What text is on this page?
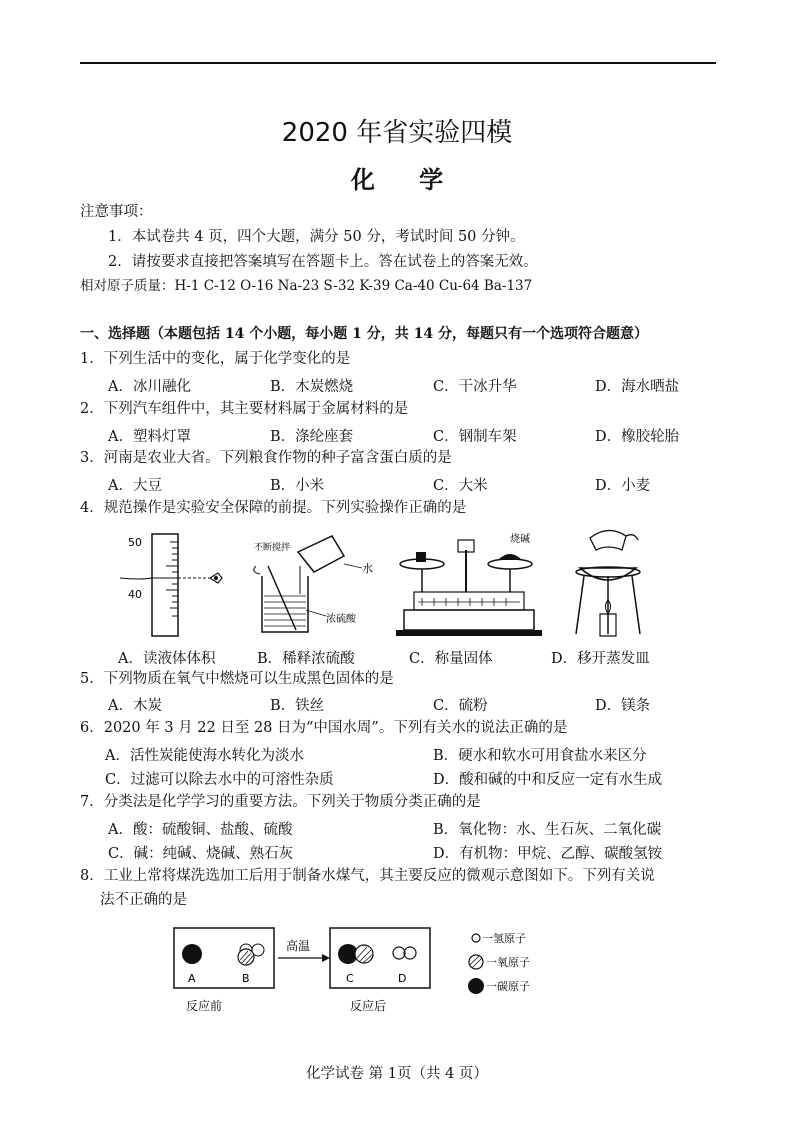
2020 年省实验四模
化 学
注意事项：
1．本试卷共 4 页，四个大题，满分 50 分，考试时间 50 分钟。
2．请按要求直接把答案填写在答题卡上。答在试卷上的答案无效。
相对原子质量：H-1 C-12 O-16 Na-23 S-32 K-39 Ca-40 Cu-64 Ba-137
一、选择题（本题包括 14 个小题，每小题 1 分，共 14 分，每题只有一个选项符合题意）
1．下列生活中的变化，属于化学变化的是
A．冰川融化	B．木炭燃烧	C．干冰升华	D．海水晒盐
2．下列汽车组件中，其主要材料属于金属材料的是
A．塑料灯罩	B．涤纶座套	C．钢制车架	D．橡胶轮胎
3．河南是农业大省。下列粮食作物的种子富含蛋白质的是
A．大豆	B．小米	C．大米	D．小麦
4．规范操作是实验安全保障的前提。下列实验操作正确的是
50
40
不断搅拌
水
浓硫酸
烧碱
A．读液体体积	B．稀释浓硫酸	C．称量固体	D．移开蒸发皿
5．下列物质在氧气中燃烧可以生成黑色固体的是
A．木炭	B．铁丝	C．硫粉	D．镁条
6．2020 年 3 月 22 日至 28 日为“中国水周”。下列有关水的说法正确的是
A．活性炭能使海水转化为淡水	B．硬水和软水可用食盐水来区分
C．过滤可以除去水中的可溶性杂质	D．酸和碱的中和反应一定有水生成
7．分类法是化学学习的重要方法。下列关于物质分类正确的是
A．酸：硫酸铜、盐酸、硫酸	B．氧化物：水、生石灰、二氧化碳
C．碱：纯碱、烧碱、熟石灰	D．有机物：甲烷、乙醇、碳酸氢铵
8．工业上常将煤洗选加工后用于制备水煤气，其主要反应的微观示意图如下。下列有关说
法不正确的是
A	B
高温
C	D
反应前	反应后
一氢原子
一氧原子
一碳原子
化学试卷 第 1页（共 4 页）
